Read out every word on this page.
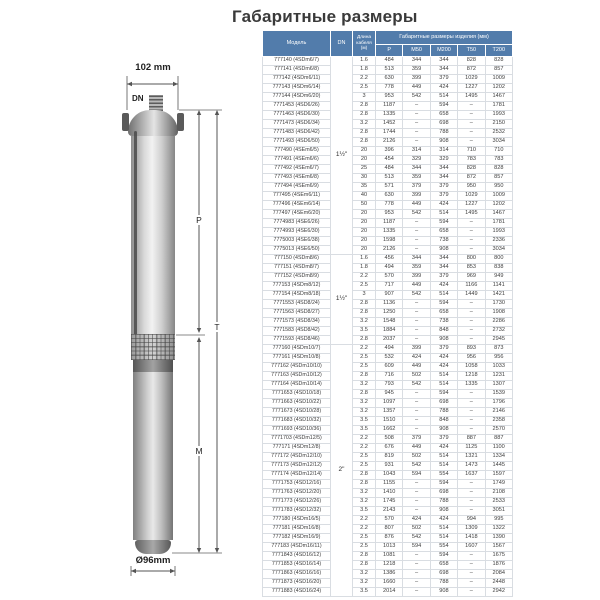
Габаритные размеры
102 mm
DN
P
T
M
Ø96mm
Модель	DN	Длина кабеля (м)	Габаритные размеры изделия (мм)				
			P	M50	M200	T50	T200
777140 (4SDm6/7)	1½"	1.6	484	344	344	828	828
777141 (4SDm6/8)		1.8	513	359	344	872	857
777142 (4SDm6/11)		2.2	630	399	379	1029	1009
777143 (4SDm6/14)		2.5	778	449	424	1227	1202
777144 (4SDm6/20)		3	953	542	514	1495	1467
7771453 (4SD6/26)		2.8	1187	–	594	–	1781
7771463 (4SD6/30)		2.8	1335	–	658	–	1993
7771473 (4SD6/34)		3.2	1452	–	698	–	2150
7771483 (4SD6/42)		2.8	1744	–	788	–	2532
7771493 (4SD6/50)		2.8	2126	–	908	–	3034
777490 (4SEm6/5)		20	396	314	314	710	710
777491 (4SEm6/6)		20	454	329	329	783	783
777492 (4SEm6/7)		25	484	344	344	828	828
777493 (4SEm6/8)		30	513	359	344	872	857
777494 (4SEm6/9)		35	571	379	379	950	950
777495 (4SEm6/11)		40	630	399	379	1029	1009
777496 (4SEm6/14)		50	778	449	424	1227	1202
777497 (4SEm6/20)		20	953	542	514	1495	1467
7774983 (4SE6/26)		20	1187	–	594	–	1781
7774993 (4SE6/30)		20	1335	–	658	–	1993
7775003 (4SE6/38)		20	1598	–	738	–	2336
7775013 (4SE6/50)		20	2126	–	908	–	3034
777150 (4SDm8/6)	1½"	1.6	456	344	344	800	800
777151 (4SDm8/7)		1.8	494	359	344	853	838
777152 (4SDm8/9)		2.2	570	399	379	969	949
777153 (4SDm8/12)		2.5	717	449	424	1166	1141
777154 (4SDm8/18)		3	907	542	514	1449	1421
7771553 (4SD8/24)		2.8	1136	–	594	–	1730
7771563 (4SD8/27)		2.8	1250	–	658	–	1908
7771573 (4SD8/34)		3.2	1548	–	738	–	2286
7771583 (4SD8/42)		3.5	1884	–	848	–	2732
7771593 (4SD8/46)		2.8	2037	–	908	–	2945
777160 (4SDm10/7)	2"	2.2	494	399	379	893	873
777161 (4SDm10/8)		2.5	532	424	424	956	956
777162 (4SDm10/10)		2.5	609	449	424	1058	1033
777163 (4SDm10/12)		2.8	716	502	514	1218	1231
777164 (4SDm10/14)		3.2	793	542	514	1335	1307
7771653 (4SD10/18)		2.8	945	–	594	–	1539
7771663 (4SD10/22)		3.2	1097	–	698	–	1796
7771673 (4SD10/28)		3.2	1357	–	788	–	2146
7771683 (4SD10/32)		3.5	1510	–	848	–	2358
7771693 (4SD10/36)		3.5	1662	–	908	–	2570
7771703 (4SDm12/5)		2.2	508	379	379	887	887
777171 (4SDm12/8)		2.2	676	449	424	1125	1100
777172 (4SDm12/10)		2.5	819	502	514	1321	1334
777173 (4SDm12/12)		2.5	931	542	514	1473	1445
777174 (4SDm12/14)		2.8	1043	594	554	1637	1597
7771753 (4SD12/16)		2.8	1155	–	594	–	1749
7771763 (4SD12/20)		3.2	1410	–	698	–	2108
7771773 (4SD12/26)		3.2	1745	–	788	–	2533
7771783 (4SD12/32)		3.5	2143	–	908	–	3051
777180 (4SDm16/5)		2.2	570	424	424	994	995
777181 (4SDm16/8)		2.2	807	502	514	1309	1322
777182 (4SDm16/9)		2.5	876	542	514	1418	1390
777183 (4SDm16/11)		2.5	1013	594	554	1607	1567
7771843 (4SD16/12)		2.8	1081	–	594	–	1675
7771853 (4SD16/14)		2.8	1218	–	658	–	1876
7771863 (4SD16/16)		3.2	1386	–	698	–	2084
7771873 (4SD16/20)		3.2	1660	–	788	–	2448
7771883 (4SD16/24)		3.5	2014	–	908	–	2942
